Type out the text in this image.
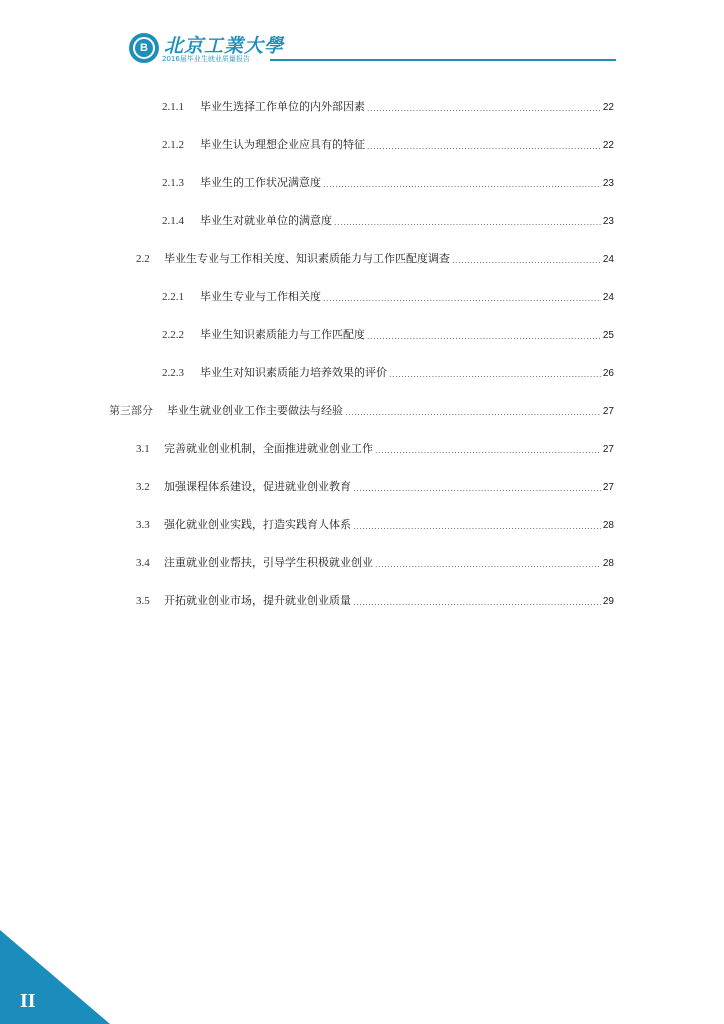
B 北京工業大學
2016届毕业生就业质量报告
2.1.1	毕业生选择工作单位的内外部因素 .....	22
2.1.2	毕业生认为理想企业应具有的特征 .....	22
2.1.3	毕业生的工作状况满意度 .....	23
2.1.4	毕业生对就业单位的满意度 .....	23
2.2	毕业生专业与工作相关度、知识素质能力与工作匹配度调查 .....	24
2.2.1	毕业生专业与工作相关度 .....	24
2.2.2	毕业生知识素质能力与工作匹配度 .....	25
2.2.3	毕业生对知识素质能力培养效果的评价 .....	26
第三部分	毕业生就业创业工作主要做法与经验 .....	27
3.1	完善就业创业机制，全面推进就业创业工作 .....	27
3.2	加强课程体系建设，促进就业创业教育 .....	27
3.3	强化就业创业实践，打造实践育人体系 .....	28
3.4	注重就业创业帮扶，引导学生积极就业创业 .....	28
3.5	开拓就业创业市场，提升就业创业质量 .....	29
II
